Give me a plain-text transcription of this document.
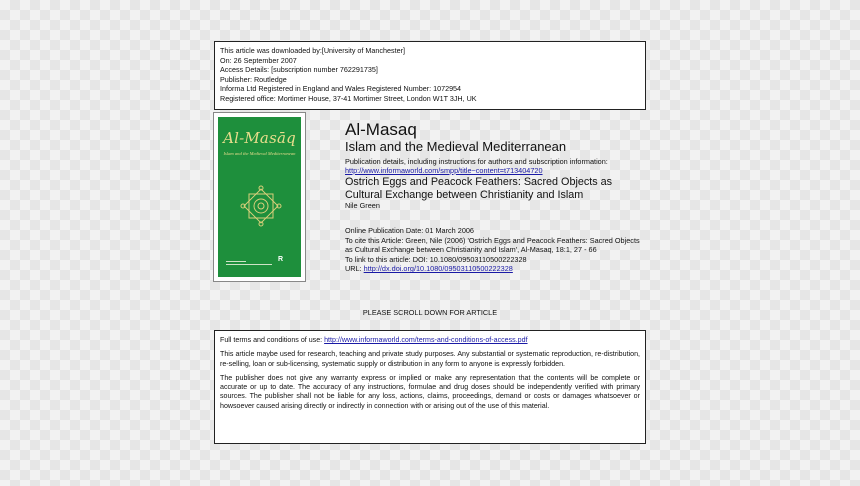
This article was downloaded by:[University of Manchester]
On: 26 September 2007
Access Details: [subscription number 762291735]
Publisher: Routledge
Informa Ltd Registered in England and Wales Registered Number: 1072954
Registered office: Mortimer House, 37-41 Mortimer Street, London W1T 3JH, UK
Al-Masāq
Islam and the Medieval Mediterranean
R
Al-Masaq
Islam and the Medieval Mediterranean
Publication details, including instructions for authors and subscription information:
http://www.informaworld.com/smpp/title~content=t713404720
Ostrich Eggs and Peacock Feathers: Sacred Objects as
Cultural Exchange between Christianity and Islam
Nile Green
Online Publication Date: 01 March 2006
To cite this Article: Green, Nile (2006) 'Ostrich Eggs and Peacock Feathers: Sacred Objects as Cultural Exchange between Christianity and Islam', Al-Masaq, 18:1, 27 - 66
To link to this article: DOI: 10.1080/09503110500222328
URL: http://dx.doi.org/10.1080/09503110500222328
PLEASE SCROLL DOWN FOR ARTICLE

Full terms and conditions of use: http://www.informaworld.com/terms-and-conditions-of-access.pdf

This article maybe used for research, teaching and private study purposes. Any substantial or systematic reproduction, re-distribution, re-selling, loan or sub-licensing, systematic supply or distribution in any form to anyone is expressly forbidden.

The publisher does not give any warranty express or implied or make any representation that the contents will be complete or accurate or up to date. The accuracy of any instructions, formulae and drug doses should be independently verified with primary sources. The publisher shall not be liable for any loss, actions, claims, proceedings, demand or costs or damages whatsoever or howsoever caused arising directly or indirectly in connection with or arising out of the use of this material.
